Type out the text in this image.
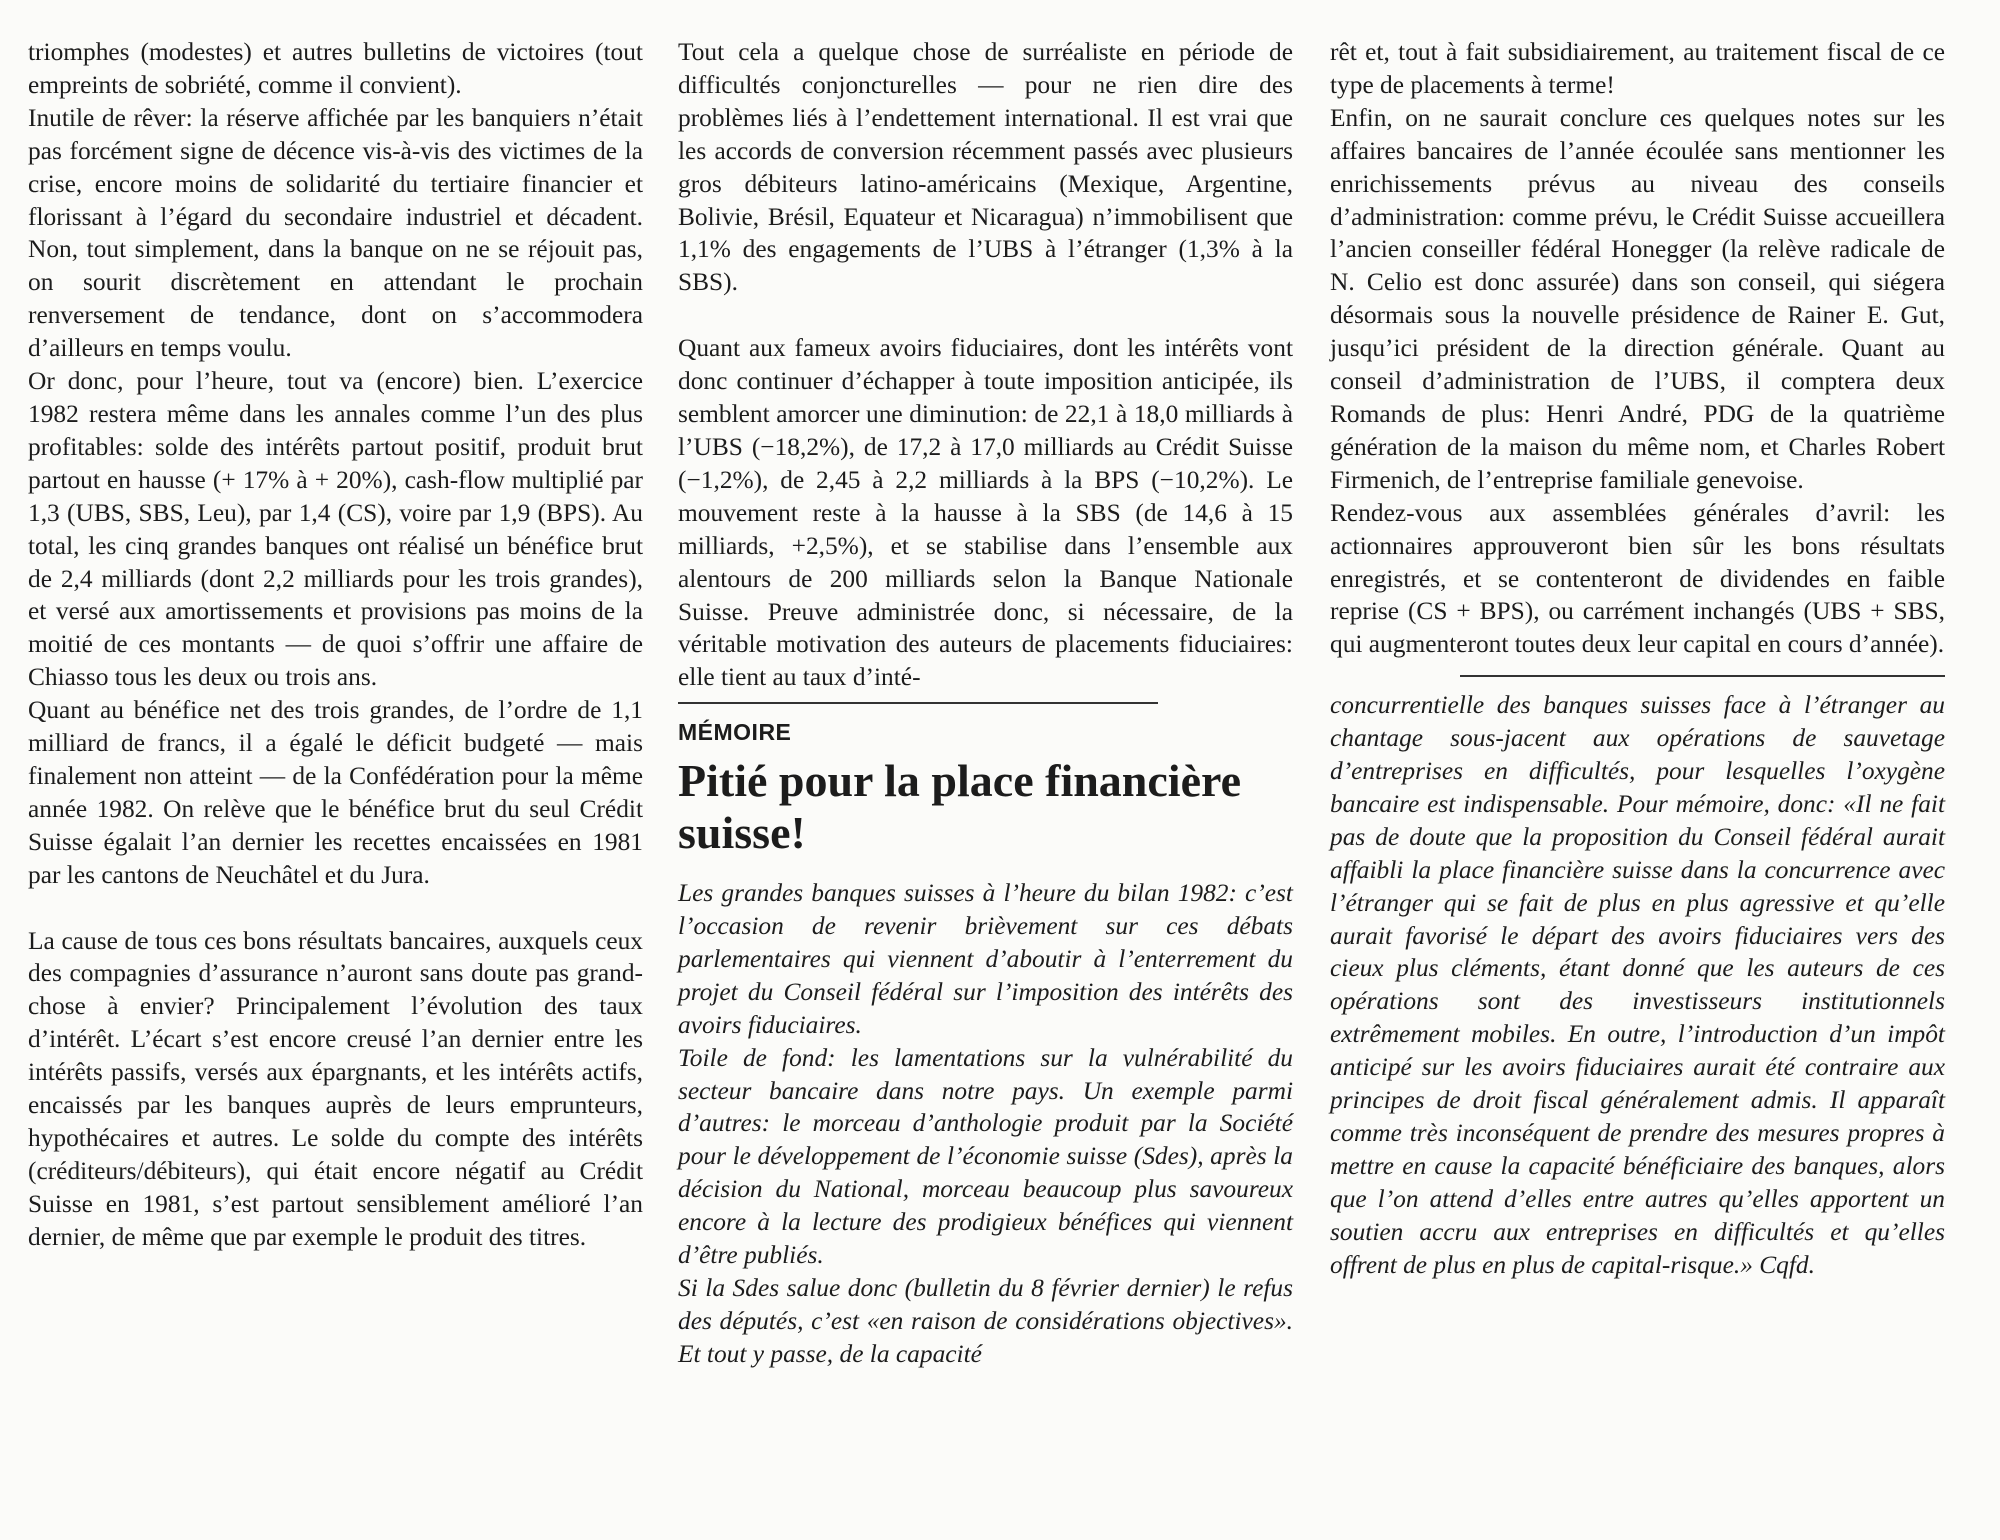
triomphes (modestes) et autres bulletins de victoires (tout empreints de sobriété, comme il convient).

Inutile de rêver: la réserve affichée par les banquiers n’était pas forcément signe de décence vis-à-vis des victimes de la crise, encore moins de solidarité du tertiaire financier et florissant à l’égard du secondaire industriel et décadent. Non, tout simplement, dans la banque on ne se réjouit pas, on sourit discrètement en attendant le prochain renversement de tendance, dont on s’accommodera d’ailleurs en temps voulu.

Or donc, pour l’heure, tout va (encore) bien. L’exercice 1982 restera même dans les annales comme l’un des plus profitables: solde des intérêts partout positif, produit brut partout en hausse (+ 17% à + 20%), cash-flow multiplié par 1,3 (UBS, SBS, Leu), par 1,4 (CS), voire par 1,9 (BPS). Au total, les cinq grandes banques ont réalisé un bénéfice brut de 2,4 milliards (dont 2,2 milliards pour les trois grandes), et versé aux amortissements et provisions pas moins de la moitié de ces montants — de quoi s’offrir une affaire de Chiasso tous les deux ou trois ans.

Quant au bénéfice net des trois grandes, de l’ordre de 1,1 milliard de francs, il a égalé le déficit budgeté — mais finalement non atteint — de la Confédération pour la même année 1982. On relève que le bénéfice brut du seul Crédit Suisse égalait l’an dernier les recettes encaissées en 1981 par les cantons de Neuchâtel et du Jura.

La cause de tous ces bons résultats bancaires, auxquels ceux des compagnies d’assurance n’auront sans doute pas grand-chose à envier? Principalement l’évolution des taux d’intérêt. L’écart s’est encore creusé l’an dernier entre les intérêts passifs, versés aux épargnants, et les intérêts actifs, encaissés par les banques auprès de leurs emprunteurs, hypothécaires et autres. Le solde du compte des intérêts (créditeurs/débiteurs), qui était encore négatif au Crédit Suisse en 1981, s’est partout sensiblement amélioré l’an dernier, de même que par exemple le produit des titres.

Tout cela a quelque chose de surréaliste en période de difficultés conjoncturelles — pour ne rien dire des problèmes liés à l’endettement international. Il est vrai que les accords de conversion récemment passés avec plusieurs gros débiteurs latino-américains (Mexique, Argentine, Bolivie, Brésil, Equateur et Nicaragua) n’immobilisent que 1,1% des engagements de l’UBS à l’étranger (1,3% à la SBS).

Quant aux fameux avoirs fiduciaires, dont les intérêts vont donc continuer d’échapper à toute imposition anticipée, ils semblent amorcer une diminution: de 22,1 à 18,0 milliards à l’UBS (−18,2%), de 17,2 à 17,0 milliards au Crédit Suisse (−1,2%), de 2,45 à 2,2 milliards à la BPS (−10,2%). Le mouvement reste à la hausse à la SBS (de 14,6 à 15 milliards, +2,5%), et se stabilise dans l’ensemble aux alentours de 200 milliards selon la Banque Nationale Suisse. Preuve administrée donc, si nécessaire, de la véritable motivation des auteurs de placements fiduciaires: elle tient au taux d’inté-

MÉMOIRE
Pitié pour la place financière suisse!

Les grandes banques suisses à l’heure du bilan 1982: c’est l’occasion de revenir brièvement sur ces débats parlementaires qui viennent d’aboutir à l’enterrement du projet du Conseil fédéral sur l’imposition des intérêts des avoirs fiduciaires.

Toile de fond: les lamentations sur la vulnérabilité du secteur bancaire dans notre pays. Un exemple parmi d’autres: le morceau d’anthologie produit par la Société pour le développement de l’économie suisse (Sdes), après la décision du National, morceau beaucoup plus savoureux encore à la lecture des prodigieux bénéfices qui viennent d’être publiés.

Si la Sdes salue donc (bulletin du 8 février dernier) le refus des députés, c’est «en raison de considérations objectives». Et tout y passe, de la capacité

rêt et, tout à fait subsidiairement, au traitement fiscal de ce type de placements à terme!

Enfin, on ne saurait conclure ces quelques notes sur les affaires bancaires de l’année écoulée sans mentionner les enrichissements prévus au niveau des conseils d’administration: comme prévu, le Crédit Suisse accueillera l’ancien conseiller fédéral Honegger (la relève radicale de N. Celio est donc assurée) dans son conseil, qui siégera désormais sous la nouvelle présidence de Rainer E. Gut, jusqu’ici président de la direction générale. Quant au conseil d’administration de l’UBS, il comptera deux Romands de plus: Henri André, PDG de la quatrième génération de la maison du même nom, et Charles Robert Firmenich, de l’entreprise familiale genevoise.

Rendez-vous aux assemblées générales d’avril: les actionnaires approuveront bien sûr les bons résultats enregistrés, et se contenteront de dividendes en faible reprise (CS + BPS), ou carrément inchangés (UBS + SBS, qui augmenteront toutes deux leur capital en cours d’année).

concurrentielle des banques suisses face à l’étranger au chantage sous-jacent aux opérations de sauvetage d’entreprises en difficultés, pour lesquelles l’oxygène bancaire est indispensable. Pour mémoire, donc: «Il ne fait pas de doute que la proposition du Conseil fédéral aurait affaibli la place financière suisse dans la concurrence avec l’étranger qui se fait de plus en plus agressive et qu’elle aurait favorisé le départ des avoirs fiduciaires vers des cieux plus cléments, étant donné que les auteurs de ces opérations sont des investisseurs institutionnels extrêmement mobiles. En outre, l’introduction d’un impôt anticipé sur les avoirs fiduciaires aurait été contraire aux principes de droit fiscal généralement admis. Il apparaît comme très inconséquent de prendre des mesures propres à mettre en cause la capacité bénéficiaire des banques, alors que l’on attend d’elles entre autres qu’elles apportent un soutien accru aux entreprises en difficultés et qu’elles offrent de plus en plus de capital-risque.» Cqfd.
